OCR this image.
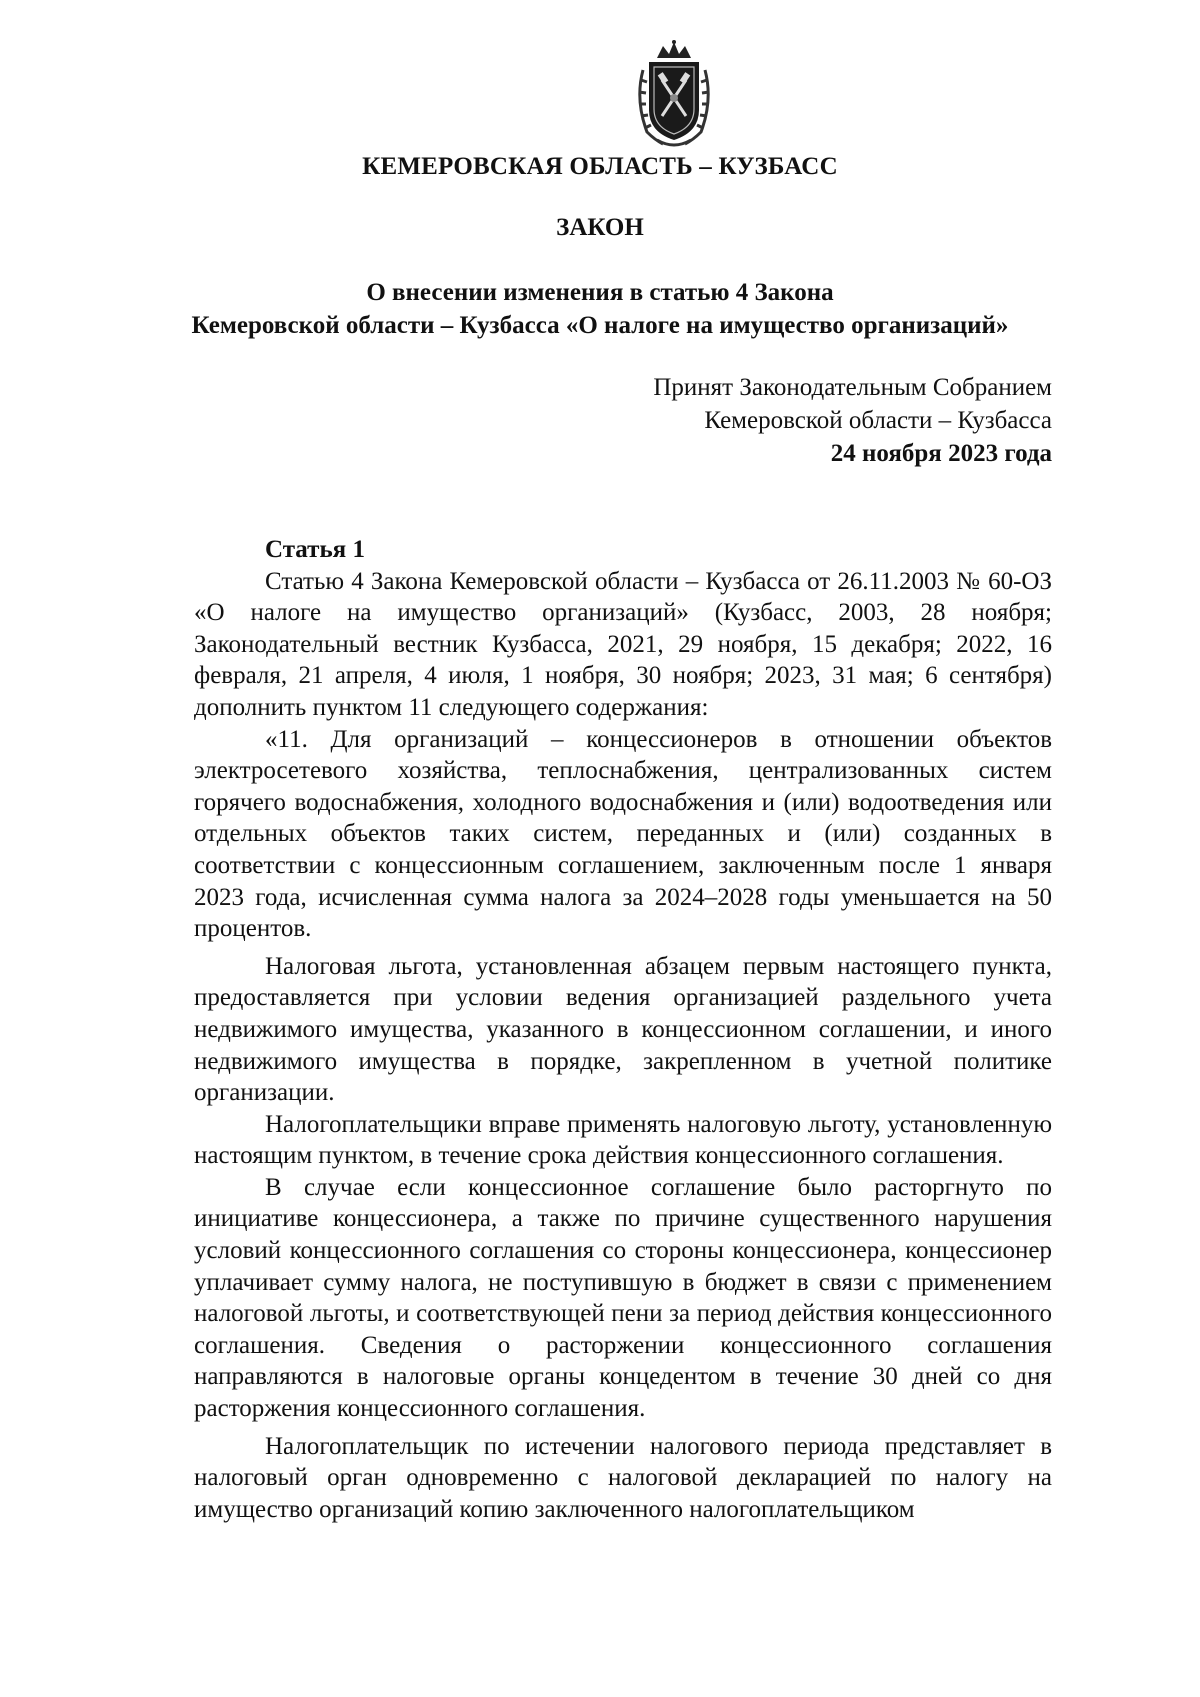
КЕМЕРОВСКАЯ ОБЛАСТЬ – КУЗБАСС
ЗАКОН
О внесении изменения в статью 4 Закона
Кемеровской области – Кузбасса «О налоге на имущество организаций»
Принят Законодательным Собранием
Кемеровской области – Кузбасса
24 ноября 2023 года
Статья 1

Статью 4 Закона Кемеровской области – Кузбасса от 26.11.2003 № 60-ОЗ «О налоге на имущество организаций» (Кузбасс, 2003, 28 ноября; Законодательный вестник Кузбасса, 2021, 29 ноября, 15 декабря; 2022, 16 февраля, 21 апреля, 4 июля, 1 ноября, 30 ноября; 2023, 31 мая; 6 сентября) дополнить пунктом 11 следующего содержания:

«11. Для организаций – концессионеров в отношении объектов электросетевого хозяйства, теплоснабжения, централизованных систем горячего водоснабжения, холодного водоснабжения и (или) водоотведения или отдельных объектов таких систем, переданных и (или) созданных в соответствии с концессионным соглашением, заключенным после 1 января 2023 года, исчисленная сумма налога за 2024–2028 годы уменьшается на 50 процентов.

Налоговая льгота, установленная абзацем первым настоящего пункта, предоставляется при условии ведения организацией раздельного учета недвижимого имущества, указанного в концессионном соглашении, и иного недвижимого имущества в порядке, закрепленном в учетной политике организации.

Налогоплательщики вправе применять налоговую льготу, установленную настоящим пунктом, в течение срока действия концессионного соглашения.

В случае если концессионное соглашение было расторгнуто по инициативе концессионера, а также по причине существенного нарушения условий концессионного соглашения со стороны концессионера, концессионер уплачивает сумму налога, не поступившую в бюджет в связи с применением налоговой льготы, и соответствующей пени за период действия концессионного соглашения. Сведения о расторжении концессионного соглашения направляются в налоговые органы концедентом в течение 30 дней со дня расторжения концессионного соглашения.

Налогоплательщик по истечении налогового периода представляет в налоговый орган одновременно с налоговой декларацией по налогу на имущество организаций копию заключенного налогоплательщиком
